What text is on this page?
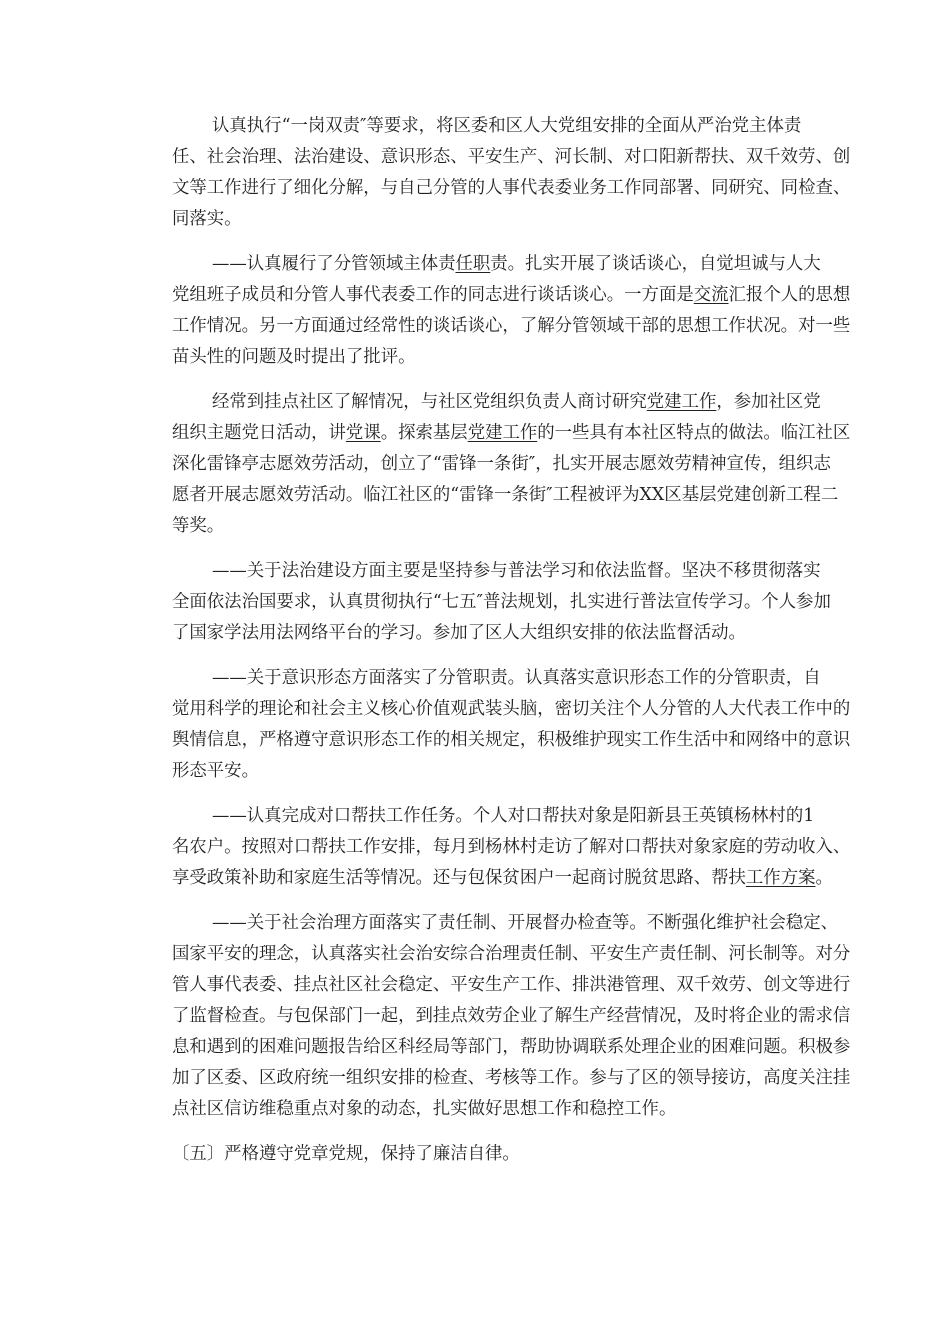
认真执行“一岗双责″等要求，将区委和区人大党组安排的全面从严治党主体责
任、社会治理、法治建设、意识形态、平安生产、河长制、对口阳新帮扶、双千效劳、创
文等工作进行了细化分解，与自己分管的人事代表委业务工作同部署、同研究、同检查、
同落实。
——认真履行了分管领域主体责任职责。扎实开展了谈话谈心，自觉坦诚与人大
党组班子成员和分管人事代表委工作的同志进行谈话谈心。一方面是交流汇报个人的思想
工作情况。另一方面通过经常性的谈话谈心，了解分管领域干部的思想工作状况。对一些
苗头性的问题及时提出了批评。
经常到挂点社区了解情况，与社区党组织负责人商讨研究党建工作，参加社区党
组织主题党日活动，讲党课。探索基层党建工作的一些具有本社区特点的做法。临江社区
深化雷锋亭志愿效劳活动，创立了“雷锋一条街″，扎实开展志愿效劳精神宣传，组织志
愿者开展志愿效劳活动。临江社区的“雷锋一条街″工程被评为XX区基层党建创新工程二
等奖。
——关于法治建设方面主要是坚持参与普法学习和依法监督。坚决不移贯彻落实
全面依法治国要求，认真贯彻执行“七五″普法规划，扎实进行普法宣传学习。个人参加
了国家学法用法网络平台的学习。参加了区人大组织安排的依法监督活动。
——关于意识形态方面落实了分管职责。认真落实意识形态工作的分管职责，自
觉用科学的理论和社会主义核心价值观武装头脑，密切关注个人分管的人大代表工作中的
舆情信息，严格遵守意识形态工作的相关规定，积极维护现实工作生活中和网络中的意识
形态平安。
——认真完成对口帮扶工作任务。个人对口帮扶对象是阳新县王英镇杨林村的1
名农户。按照对口帮扶工作安排，每月到杨林村走访了解对口帮扶对象家庭的劳动收入、
享受政策补助和家庭生活等情况。还与包保贫困户一起商讨脱贫思路、帮扶工作方案。
——关于社会治理方面落实了责任制、开展督办检查等。不断强化维护社会稳定、
国家平安的理念，认真落实社会治安综合治理责任制、平安生产责任制、河长制等。对分
管人事代表委、挂点社区社会稳定、平安生产工作、排洪港管理、双千效劳、创文等进行
了监督检查。与包保部门一起，到挂点效劳企业了解生产经营情况，及时将企业的需求信
息和遇到的困难问题报告给区科经局等部门，帮助协调联系处理企业的困难问题。积极参
加了区委、区政府统一组织安排的检查、考核等工作。参与了区的领导接访，高度关注挂
点社区信访维稳重点对象的动态，扎实做好思想工作和稳控工作。
〔五〕严格遵守党章党规，保持了廉洁自律。
